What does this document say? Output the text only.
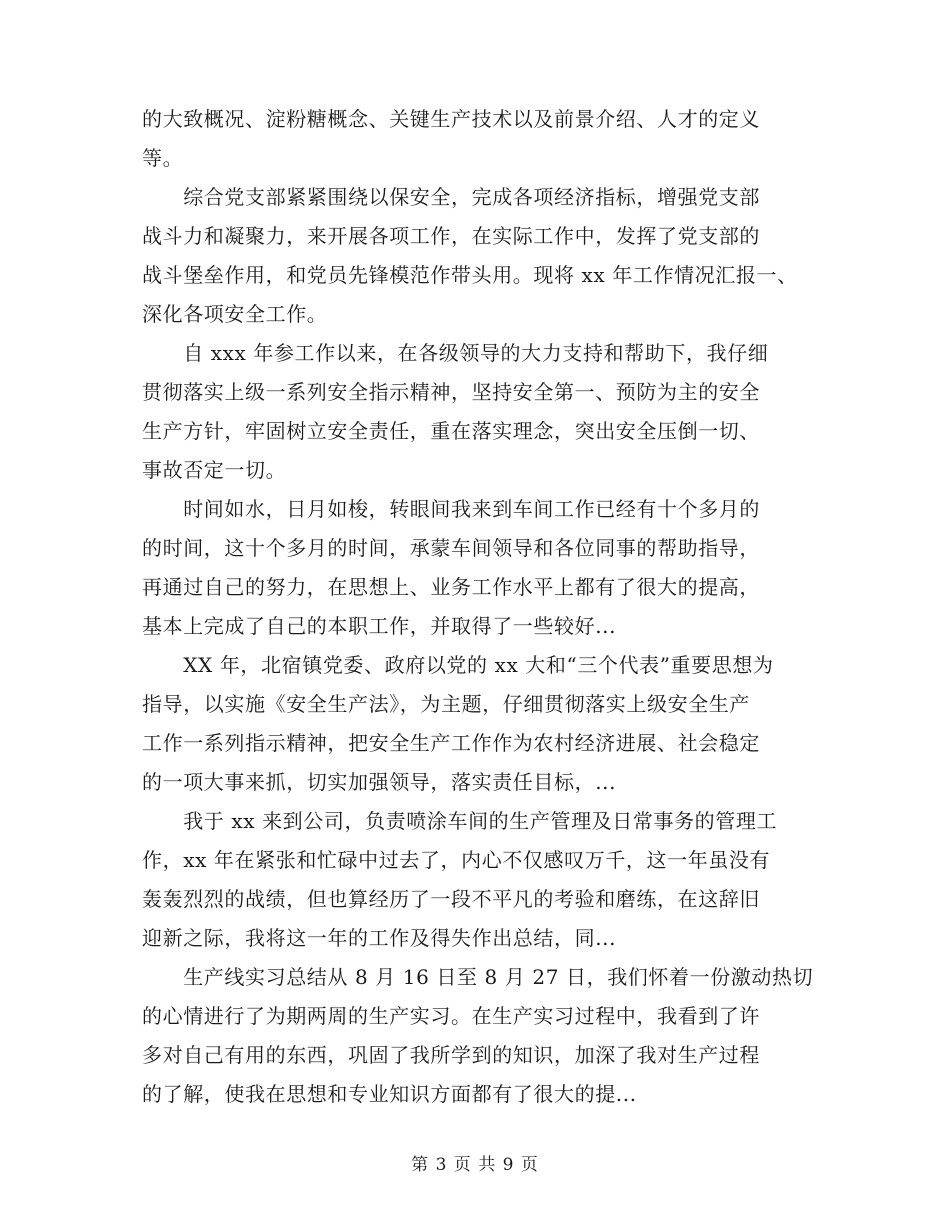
的大致概况、淀粉糖概念、关键生产技术以及前景介绍、人才的定义
等。
　　综合党支部紧紧围绕以保安全，完成各项经济指标，增强党支部
战斗力和凝聚力，来开展各项工作，在实际工作中，发挥了党支部的
战斗堡垒作用，和党员先锋模范作带头用。现将 xx 年工作情况汇报一、
深化各项安全工作。
　　自 xxx 年参工作以来，在各级领导的大力支持和帮助下，我仔细
贯彻落实上级一系列安全指示精神，坚持安全第一、预防为主的安全
生产方针，牢固树立安全责任，重在落实理念，突出安全压倒一切、
事故否定一切。
　　时间如水，日月如梭，转眼间我来到车间工作已经有十个多月的
的时间，这十个多月的时间，承蒙车间领导和各位同事的帮助指导，
再通过自己的努力，在思想上、业务工作水平上都有了很大的提高，
基本上完成了自己的本职工作，并取得了一些较好...
　　XX 年，北宿镇党委、政府以党的 xx 大和“三个代表”重要思想为
指导，以实施《安全生产法》，为主题，仔细贯彻落实上级安全生产
工作一系列指示精神，把安全生产工作作为农村经济进展、社会稳定
的一项大事来抓，切实加强领导，落实责任目标，...
　　我于 xx 来到公司，负责喷涂车间的生产管理及日常事务的管理工
作，xx 年在紧张和忙碌中过去了，内心不仅感叹万千，这一年虽没有
轰轰烈烈的战绩，但也算经历了一段不平凡的考验和磨练，在这辞旧
迎新之际，我将这一年的工作及得失作出总结，同...
　　生产线实习总结从 8 月 16 日至 8 月 27 日，我们怀着一份激动热切
的心情进行了为期两周的生产实习。在生产实习过程中，我看到了许
多对自己有用的东西，巩固了我所学到的知识，加深了我对生产过程
的了解，使我在思想和专业知识方面都有了很大的提...
第 3 页 共 9 页
